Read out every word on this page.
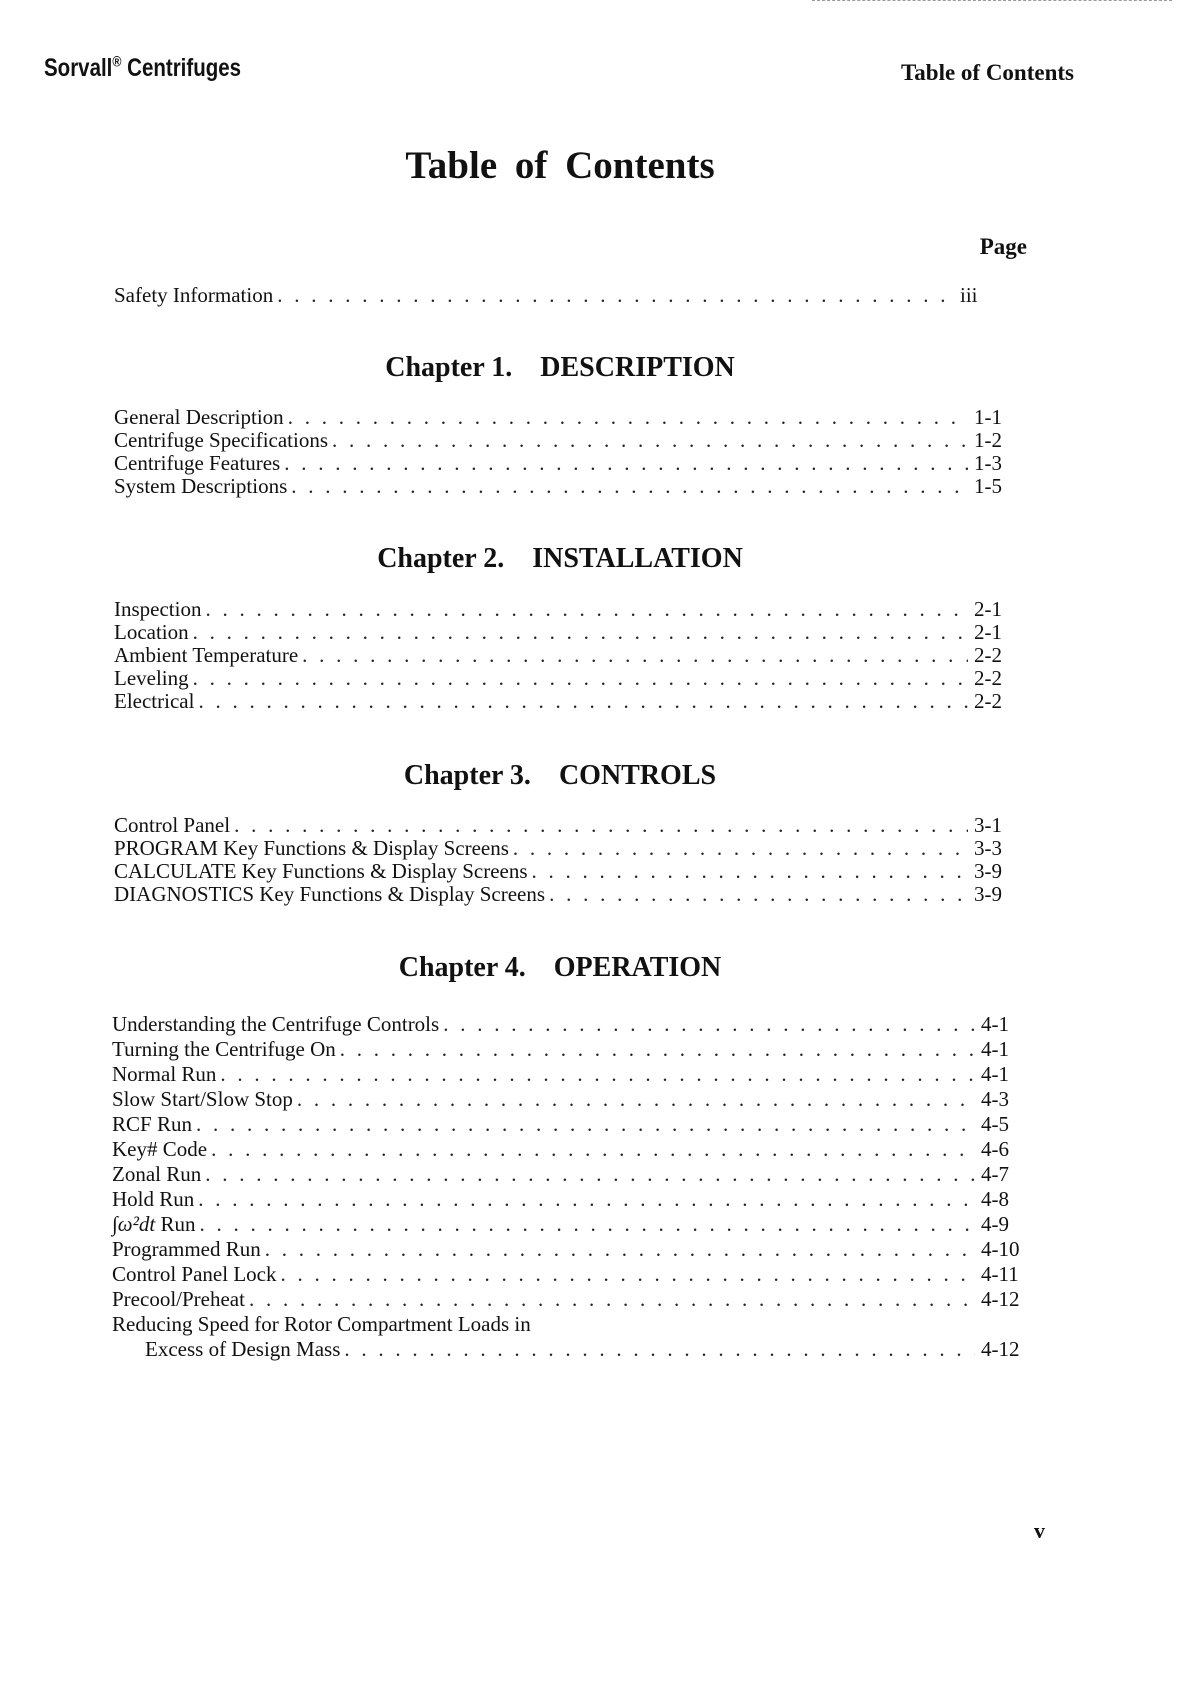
Sorvall® Centrifuges	Table of Contents
Table of Contents
Page
Safety Information . . .	iii
Chapter 1. DESCRIPTION
General Description . . .	1-1
Centrifuge Specifications . . .	1-2
Centrifuge Features . . .	1-3
System Descriptions . . .	1-5
Chapter 2. INSTALLATION
Inspection . . .	2-1
Location . . .	2-1
Ambient Temperature . . .	2-2
Leveling . . .	2-2
Electrical . . .	2-2
Chapter 3. CONTROLS
Control Panel . . .	3-1
PROGRAM Key Functions & Display Screens . . .	3-3
CALCULATE Key Functions & Display Screens . . .	3-9
DIAGNOSTICS Key Functions & Display Screens . . .	3-9
Chapter 4. OPERATION
Understanding the Centrifuge Controls . . .	4-1
Turning the Centrifuge On . . .	4-1
Normal Run . . .	4-1
Slow Start/Slow Stop . . .	4-3
RCF Run . . .	4-5
Key# Code . . .	4-6
Zonal Run . . .	4-7
Hold Run . . .	4-8
∫ω²dt Run . . .	4-9
Programmed Run . . .	4-10
Control Panel Lock . . .	4-11
Precool/Preheat . . .	4-12
Reducing Speed for Rotor Compartment Loads in
Excess of Design Mass . . .	4-12
v
